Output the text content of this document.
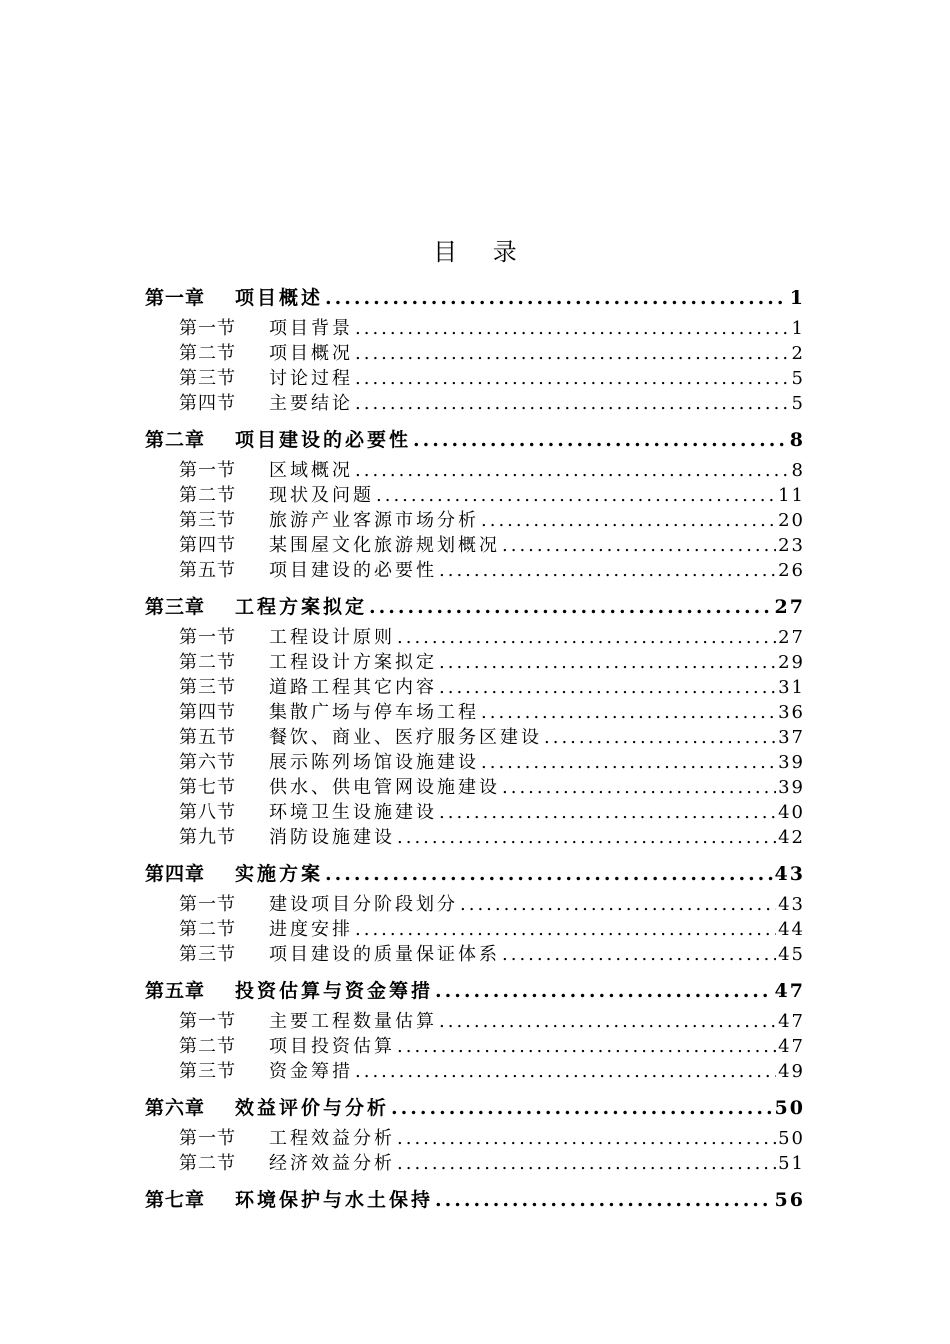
目 录
第一章 项目概述 .....	1
第一节 项目背景 .....	1
第二节 项目概况 .....	2
第三节 讨论过程 .....	5
第四节 主要结论 .....	5
第二章 项目建设的必要性 .....	8
第一节 区域概况 .....	8
第二节 现状及问题 .....	11
第三节 旅游产业客源市场分析 .....	20
第四节 某围屋文化旅游规划概况 .....	23
第五节 项目建设的必要性 .....	26
第三章 工程方案拟定 .....	27
第一节 工程设计原则 .....	27
第二节 工程设计方案拟定 .....	29
第三节 道路工程其它内容 .....	31
第四节 集散广场与停车场工程 .....	36
第五节 餐饮、商业、医疗服务区建设 .....	37
第六节 展示陈列场馆设施建设 .....	39
第七节 供水、供电管网设施建设 .....	39
第八节 环境卫生设施建设 .....	40
第九节 消防设施建设 .....	42
第四章 实施方案 .....	43
第一节 建设项目分阶段划分 .....	43
第二节 进度安排 .....	44
第三节 项目建设的质量保证体系 .....	45
第五章 投资估算与资金筹措 .....	47
第一节 主要工程数量估算 .....	47
第二节 项目投资估算 .....	47
第三节 资金筹措 .....	49
第六章 效益评价与分析 .....	50
第一节 工程效益分析 .....	50
第二节 经济效益分析 .....	51
第七章 环境保护与水土保持 .....	56
